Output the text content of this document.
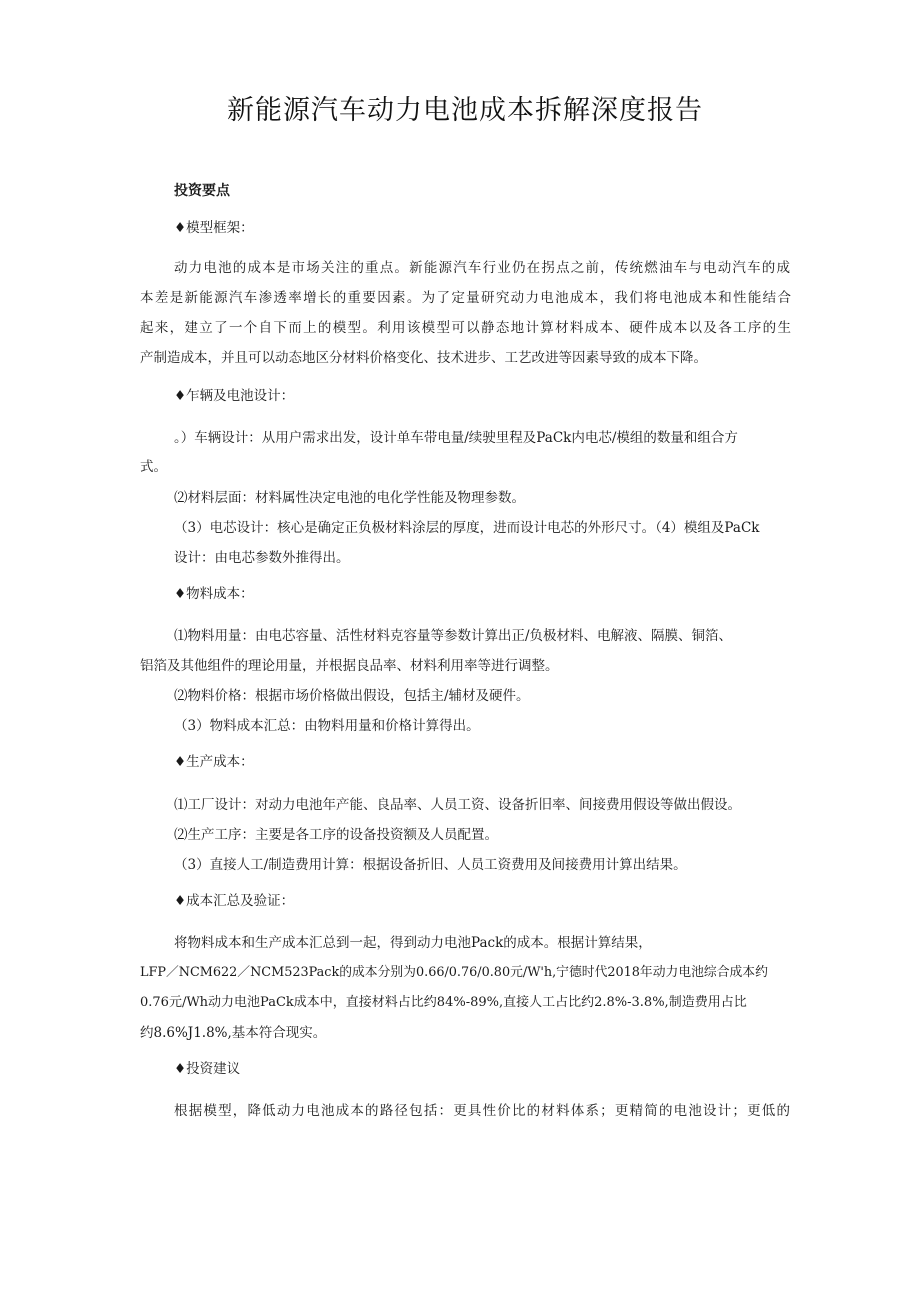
新能源汽车动力电池成本拆解深度报告
投资要点
♦模型框架：
动力电池的成本是市场关注的重点。新能源汽车行业仍在拐点之前，传统燃油车与电动汽车的成
本差是新能源汽车渗透率增长的重要因素。为了定量研究动力电池成本，我们将电池成本和性能结合
起来，建立了一个自下而上的模型。利用该模型可以静态地计算材料成本、硬件成本以及各工序的生
产制造成本，并且可以动态地区分材料价格变化、技术进步、工艺改进等因素导致的成本下降。
♦乍辆及电池设计：
。）车辆设计：从用户需求出发，设计单车带电量/续驶里程及PaCk内电芯/模组的数量和组合方
式。
⑵材料层面：材料属性决定电池的电化学性能及物理参数。
（3）电芯设计：核心是确定正负极材料涂层的厚度，进而设计电芯的外形尺寸。（4）模组及PaCk
设计：由电芯参数外推得出。
♦物料成本：
⑴物料用量：由电芯容量、活性材料克容量等参数计算出正/负极材料、电解液、隔膜、铜箔、
铝箔及其他组件的理论用量，并根据良品率、材料利用率等进行调整。
⑵物料价格：根据市场价格做出假设，包括主/辅材及硬件。
（3）物料成本汇总：由物料用量和价格计算得出。
♦生产成本：
⑴工厂设计：对动力电池年产能、良品率、人员工资、设备折旧率、间接费用假设等做出假设。
⑵生产工序：主要是各工序的设备投资额及人员配置。
（3）直接人工/制造费用计算：根据设备折旧、人员工资费用及间接费用计算出结果。
♦成本汇总及验证：
将物料成本和生产成本汇总到一起，得到动力电池Pack的成本。根据计算结果，
LFP／NCM622／NCM523Pack的成本分别为0.66/0.76/0.80元/W'h,宁德时代2018年动力电池综合成本约
0.76元/Wh动力电池PaCk成本中，直接材料占比约84%-89%,直接人工占比约2.8%-3.8%,制造费用占比
约8.6%J1.8%,基本符合现实。
♦投资建议
根据模型，降低动力电池成本的路径包括：更具性价比的材料体系；更精简的电池设计；更低的
